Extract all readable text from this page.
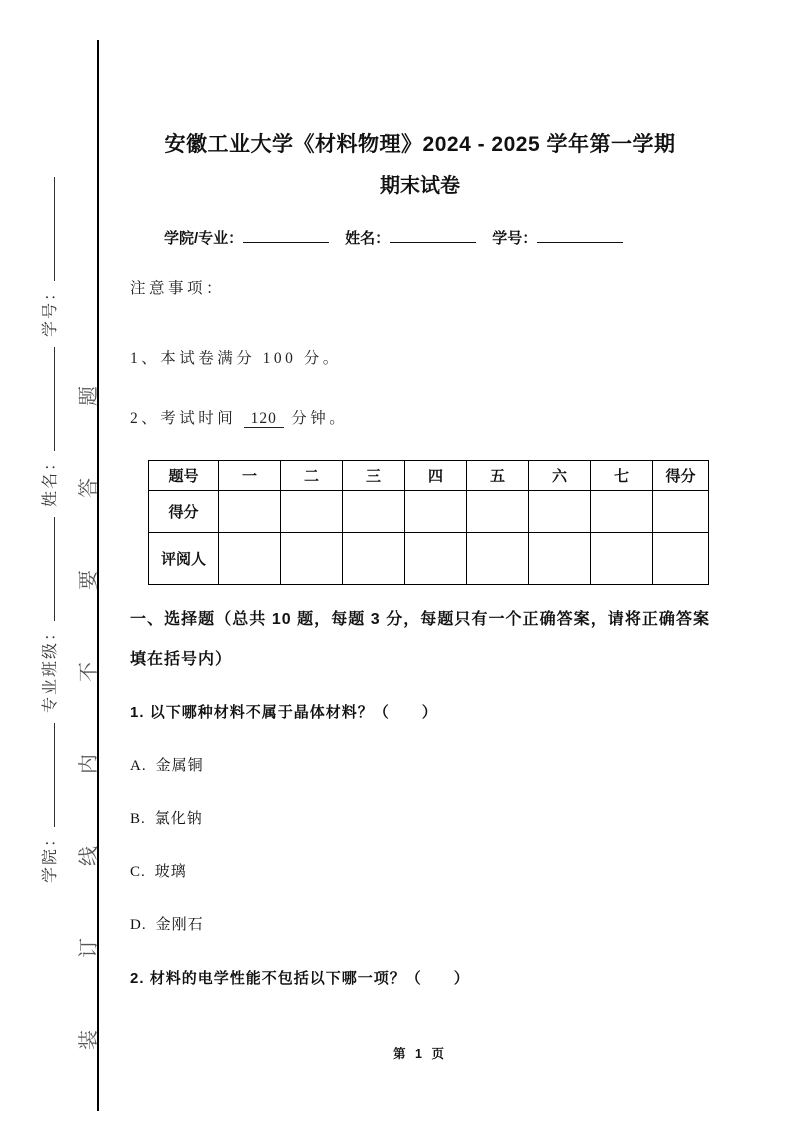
学院：专业班级：姓名：学号：
装订线内不要答题
安徽工业大学《材料物理》2024 - 2025 学年第一学期
期末试卷
学院/专业：	姓名：	学号：
注意事项：
1、本试卷满分 100 分。
2、考试时间 120 分钟。
题号	一	二	三	四	五	六	七	得分
得分								
评阅人								
一、选择题（总共 10 题，每题 3 分，每题只有一个正确答案，请将正确答案填在括号内）
1. 以下哪种材料不属于晶体材料？（　　）
A. 金属铜
B. 氯化钠
C. 玻璃
D. 金刚石
2. 材料的电学性能不包括以下哪一项？（　　）
第 1 页
